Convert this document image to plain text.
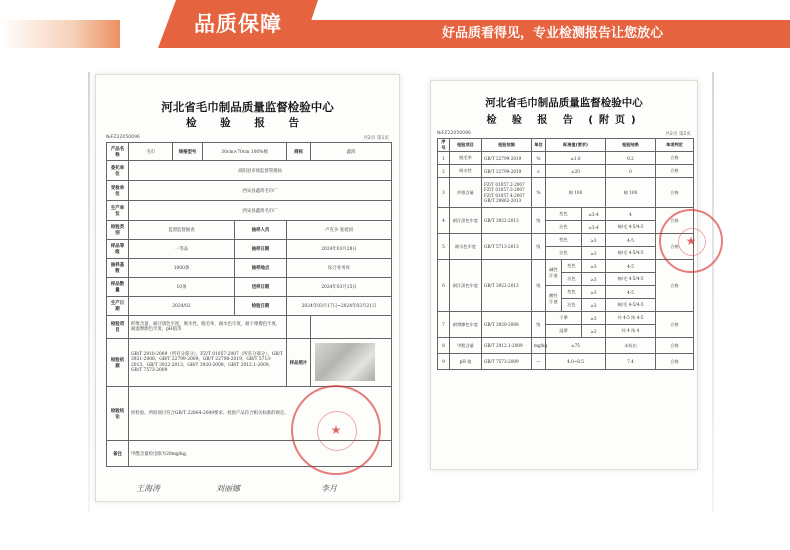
品质保障	好品质看得见，专业检测报告让您放心
河北省毛巾制品质量监督检验中心
检 验 报 告
№FZ22050096	共2页 第1页
产品名称	毛巾	规格型号	30cm×70cm 100%棉		商标	鑫鸿
委托单位	高阳县市场监督管理局					
受检单位	西宋县鑫鸿毛巾厂					
生产单位	西宋县鑫鸿毛巾厂					
检验类别	监督监督抽查			抽样人员	卢克争 张爱国	
样品等级	一等品			抽样日期	2024年03月28日	
抽样基数	1000条			抽样地点	综合业务库	
样品数量	10条			送样日期	2024年03月15日	
生产日期	2024/02			检验日期	2024年03月17日~2024年03月21日	
检验项目	纤维含量，耐汗渍色牢度，吸水性，脱毛率，耐水色牢度，耐干摩擦色牢度，耐湿摩擦色牢度，pH值等					
检验依据	GB/T 2910-2009（所有分部分）、FZ/T 01057-2007（所有分部分）、GB/T 3921-2008、GB/T 22799-2009、GB/T 22798-2019、GB/T 5713-2013、GB/T 3922-2013、GB/T 3920-2008、GB/T 2912.1-2009、GB/T 7573-2009				样品照片	

检验结论	经检验，所检项目符合GB/T 22864-2009要求。检验产品符合相关标准的规定。					
备注	甲醛含量检出限为20mg/kg。					
王海涛	刘丽娜	李月
★
河北省毛巾制品质量监督检验中心
检 验 报 告 (附页)
№FZ22050096	共2页 第2页
序号	检验项目	检验依据	单位	标准值(要求)			检验结果	单项判定
1	脱毛率	GB/T 22799-2019	%	≤1.0			0.2	合格
2	吸水性	GB/T 22799-2019	s	≤20			0	合格
3	纤维含量	FZ/T 01057.2-2007
FZ/T 01057.3-2007
FZ/T 01057.4-2007
GB/T 29862-2013	%	棉 100			棉 100	合格
4	耐汗渍色牢度	GB/T 3922-2013	级	变色		≥3-4	4	合格
				沾色		≥3-4	棉/毛 4-5/4-5	
5	耐水色牢度	GB/T 5713-2013	级	变色		≥3	4-5	合格
				沾色		≥3	棉/毛 4-5/4-5	
6	耐汗渍色牢度	GB/T 3922-2013	级	碱性汗液	变色	≥3	4-5	合格
					沾色	≥3	棉/毛 4-5/4-5	
				酸性汗液	变色	≥3	4-5	
					沾色	≥3	棉/毛 4-5/4-5	
7	耐摩擦色牢度	GB/T 3920-2008	级	干摩		≥3	经 4-5 纬 4-5	合格
				湿摩		≥3	经 4 纬 4	
8	甲醛含量	GB/T 2912.1-2009	mg/kg	≤75			未检出	合格
9	pH 值	GB/T 7573-2009	—	4.0~8.5			7.4	合格
★
